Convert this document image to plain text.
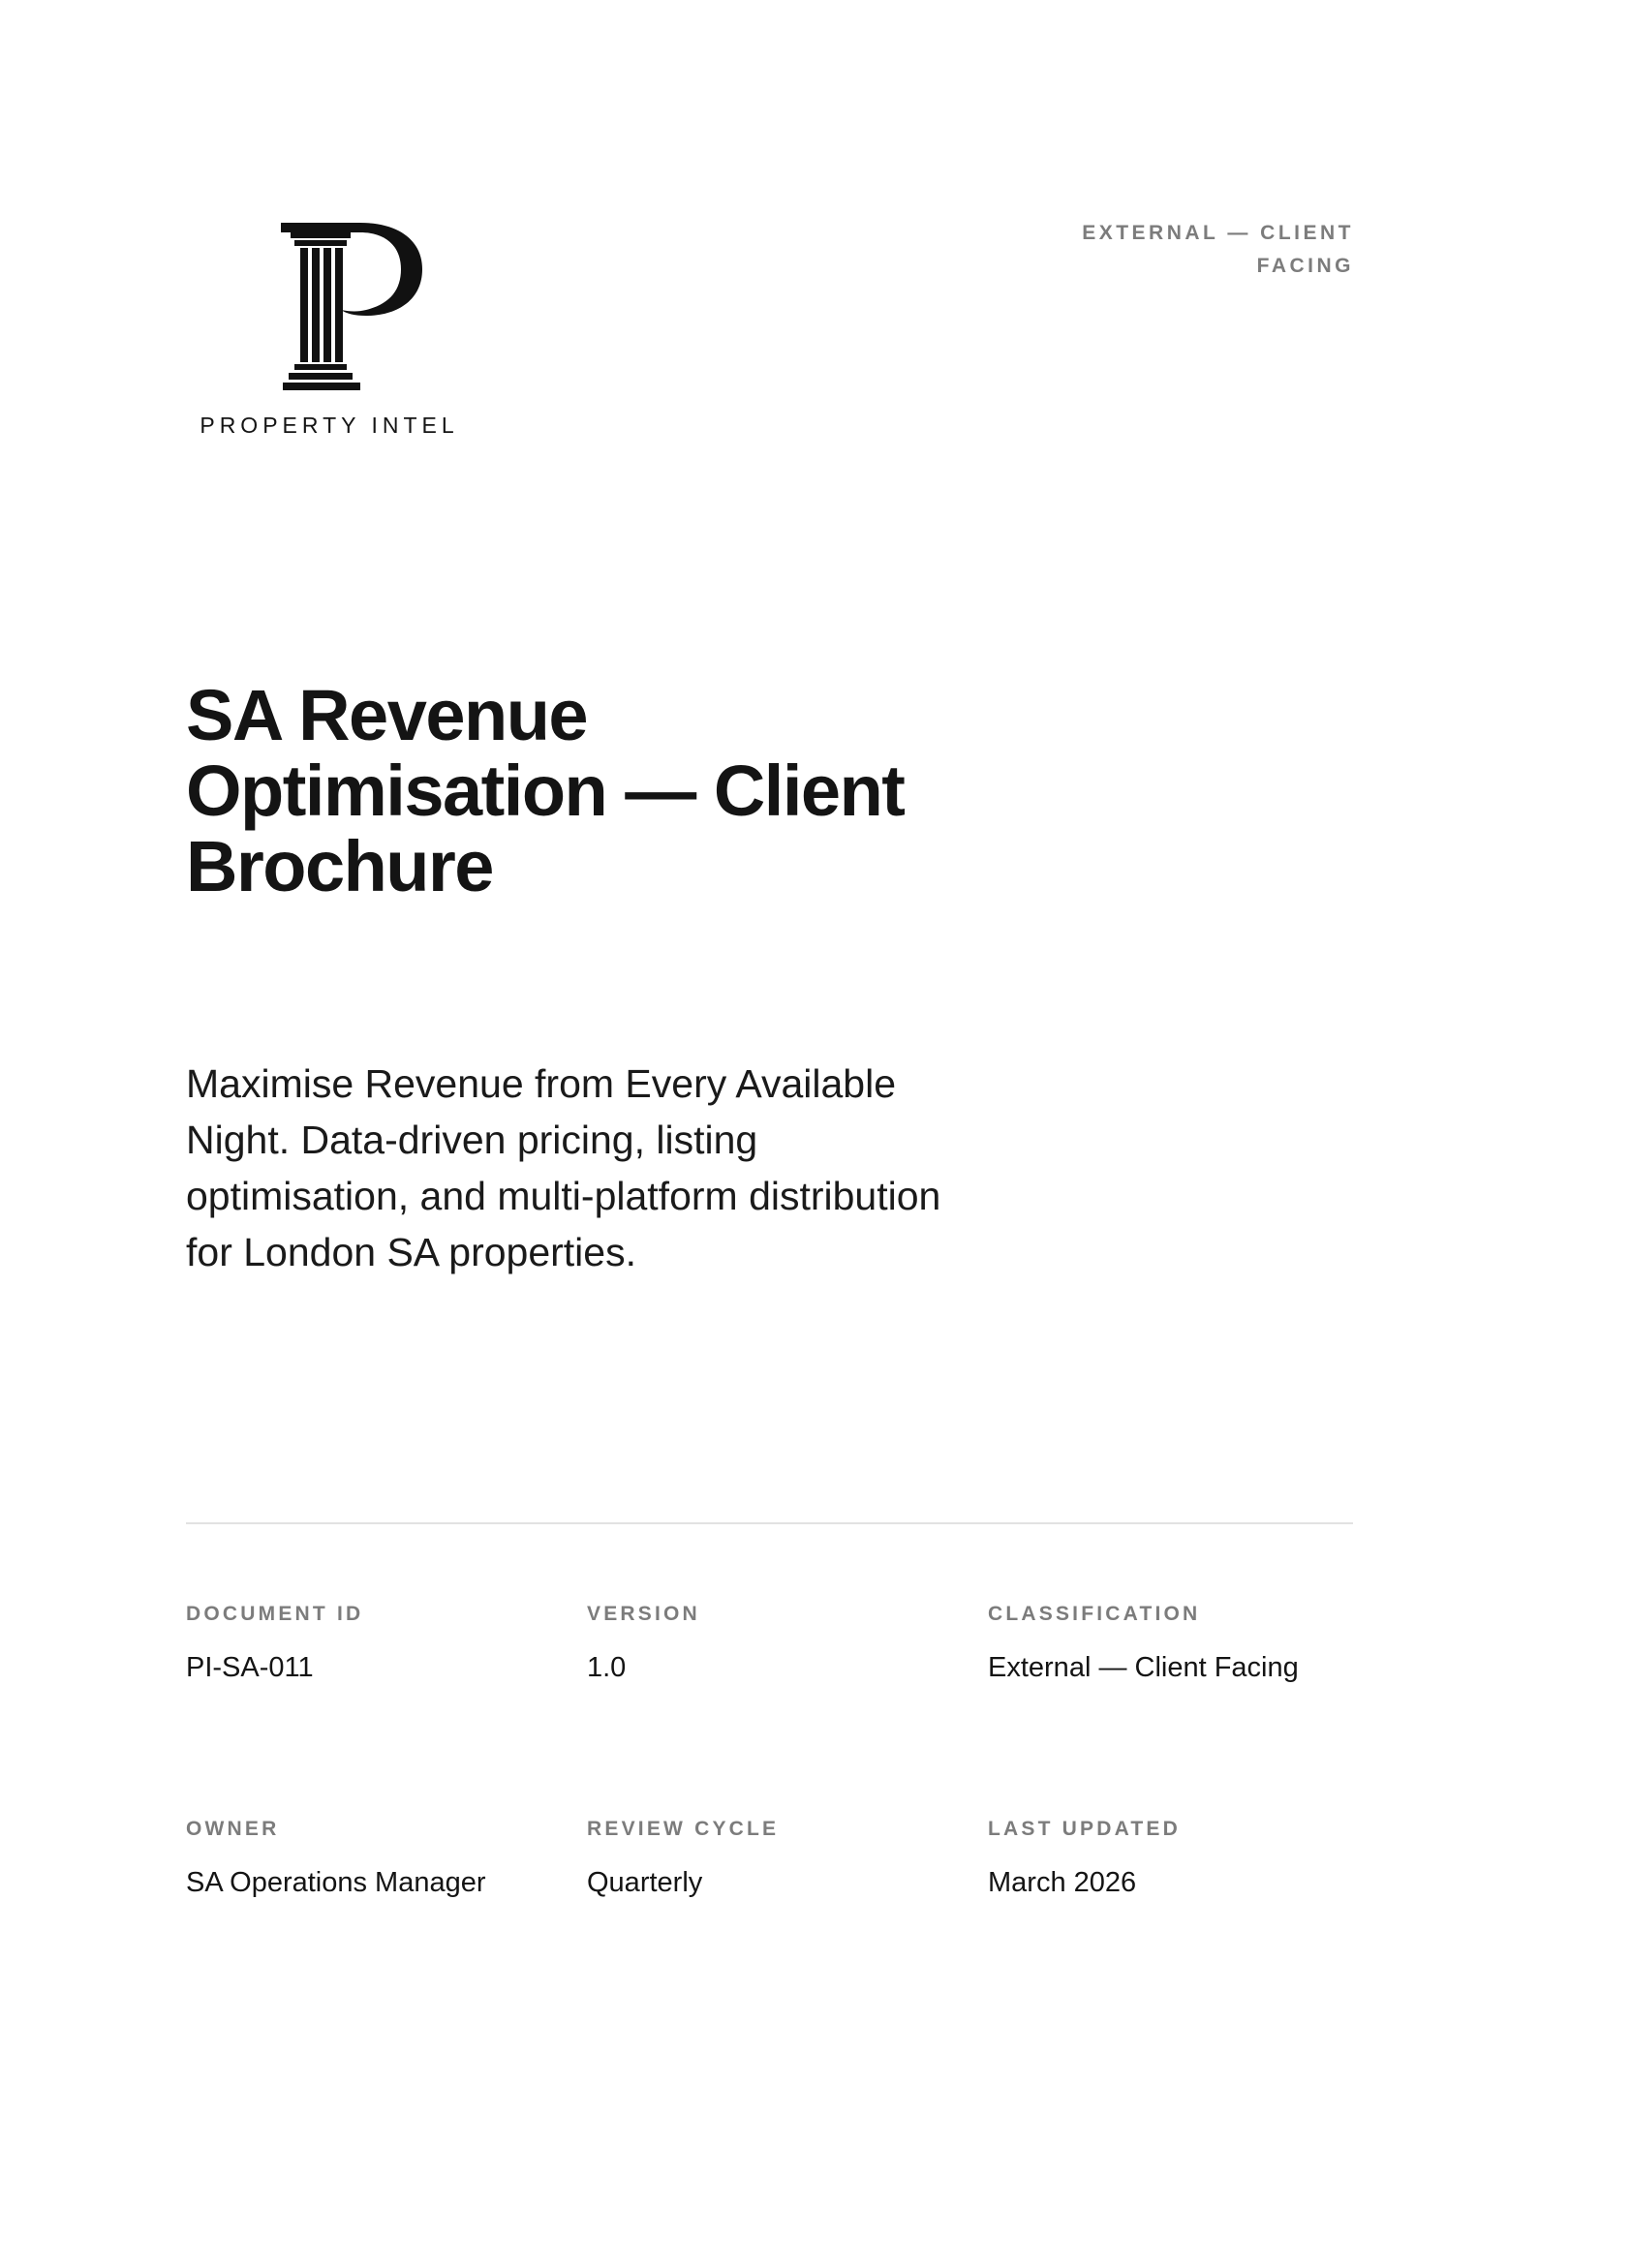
PROPERTY INTEL
EXTERNAL — CLIENT
FACING
SA Revenue Optimisation — Client Brochure

Maximise Revenue from Every Available Night. Data-driven pricing, listing optimisation, and multi-platform distribution for London SA properties.

DOCUMENT ID
PI-SA-011
VERSION
1.0
CLASSIFICATION
External — Client Facing
OWNER
SA Operations Manager
REVIEW CYCLE
Quarterly
LAST UPDATED
March 2026
